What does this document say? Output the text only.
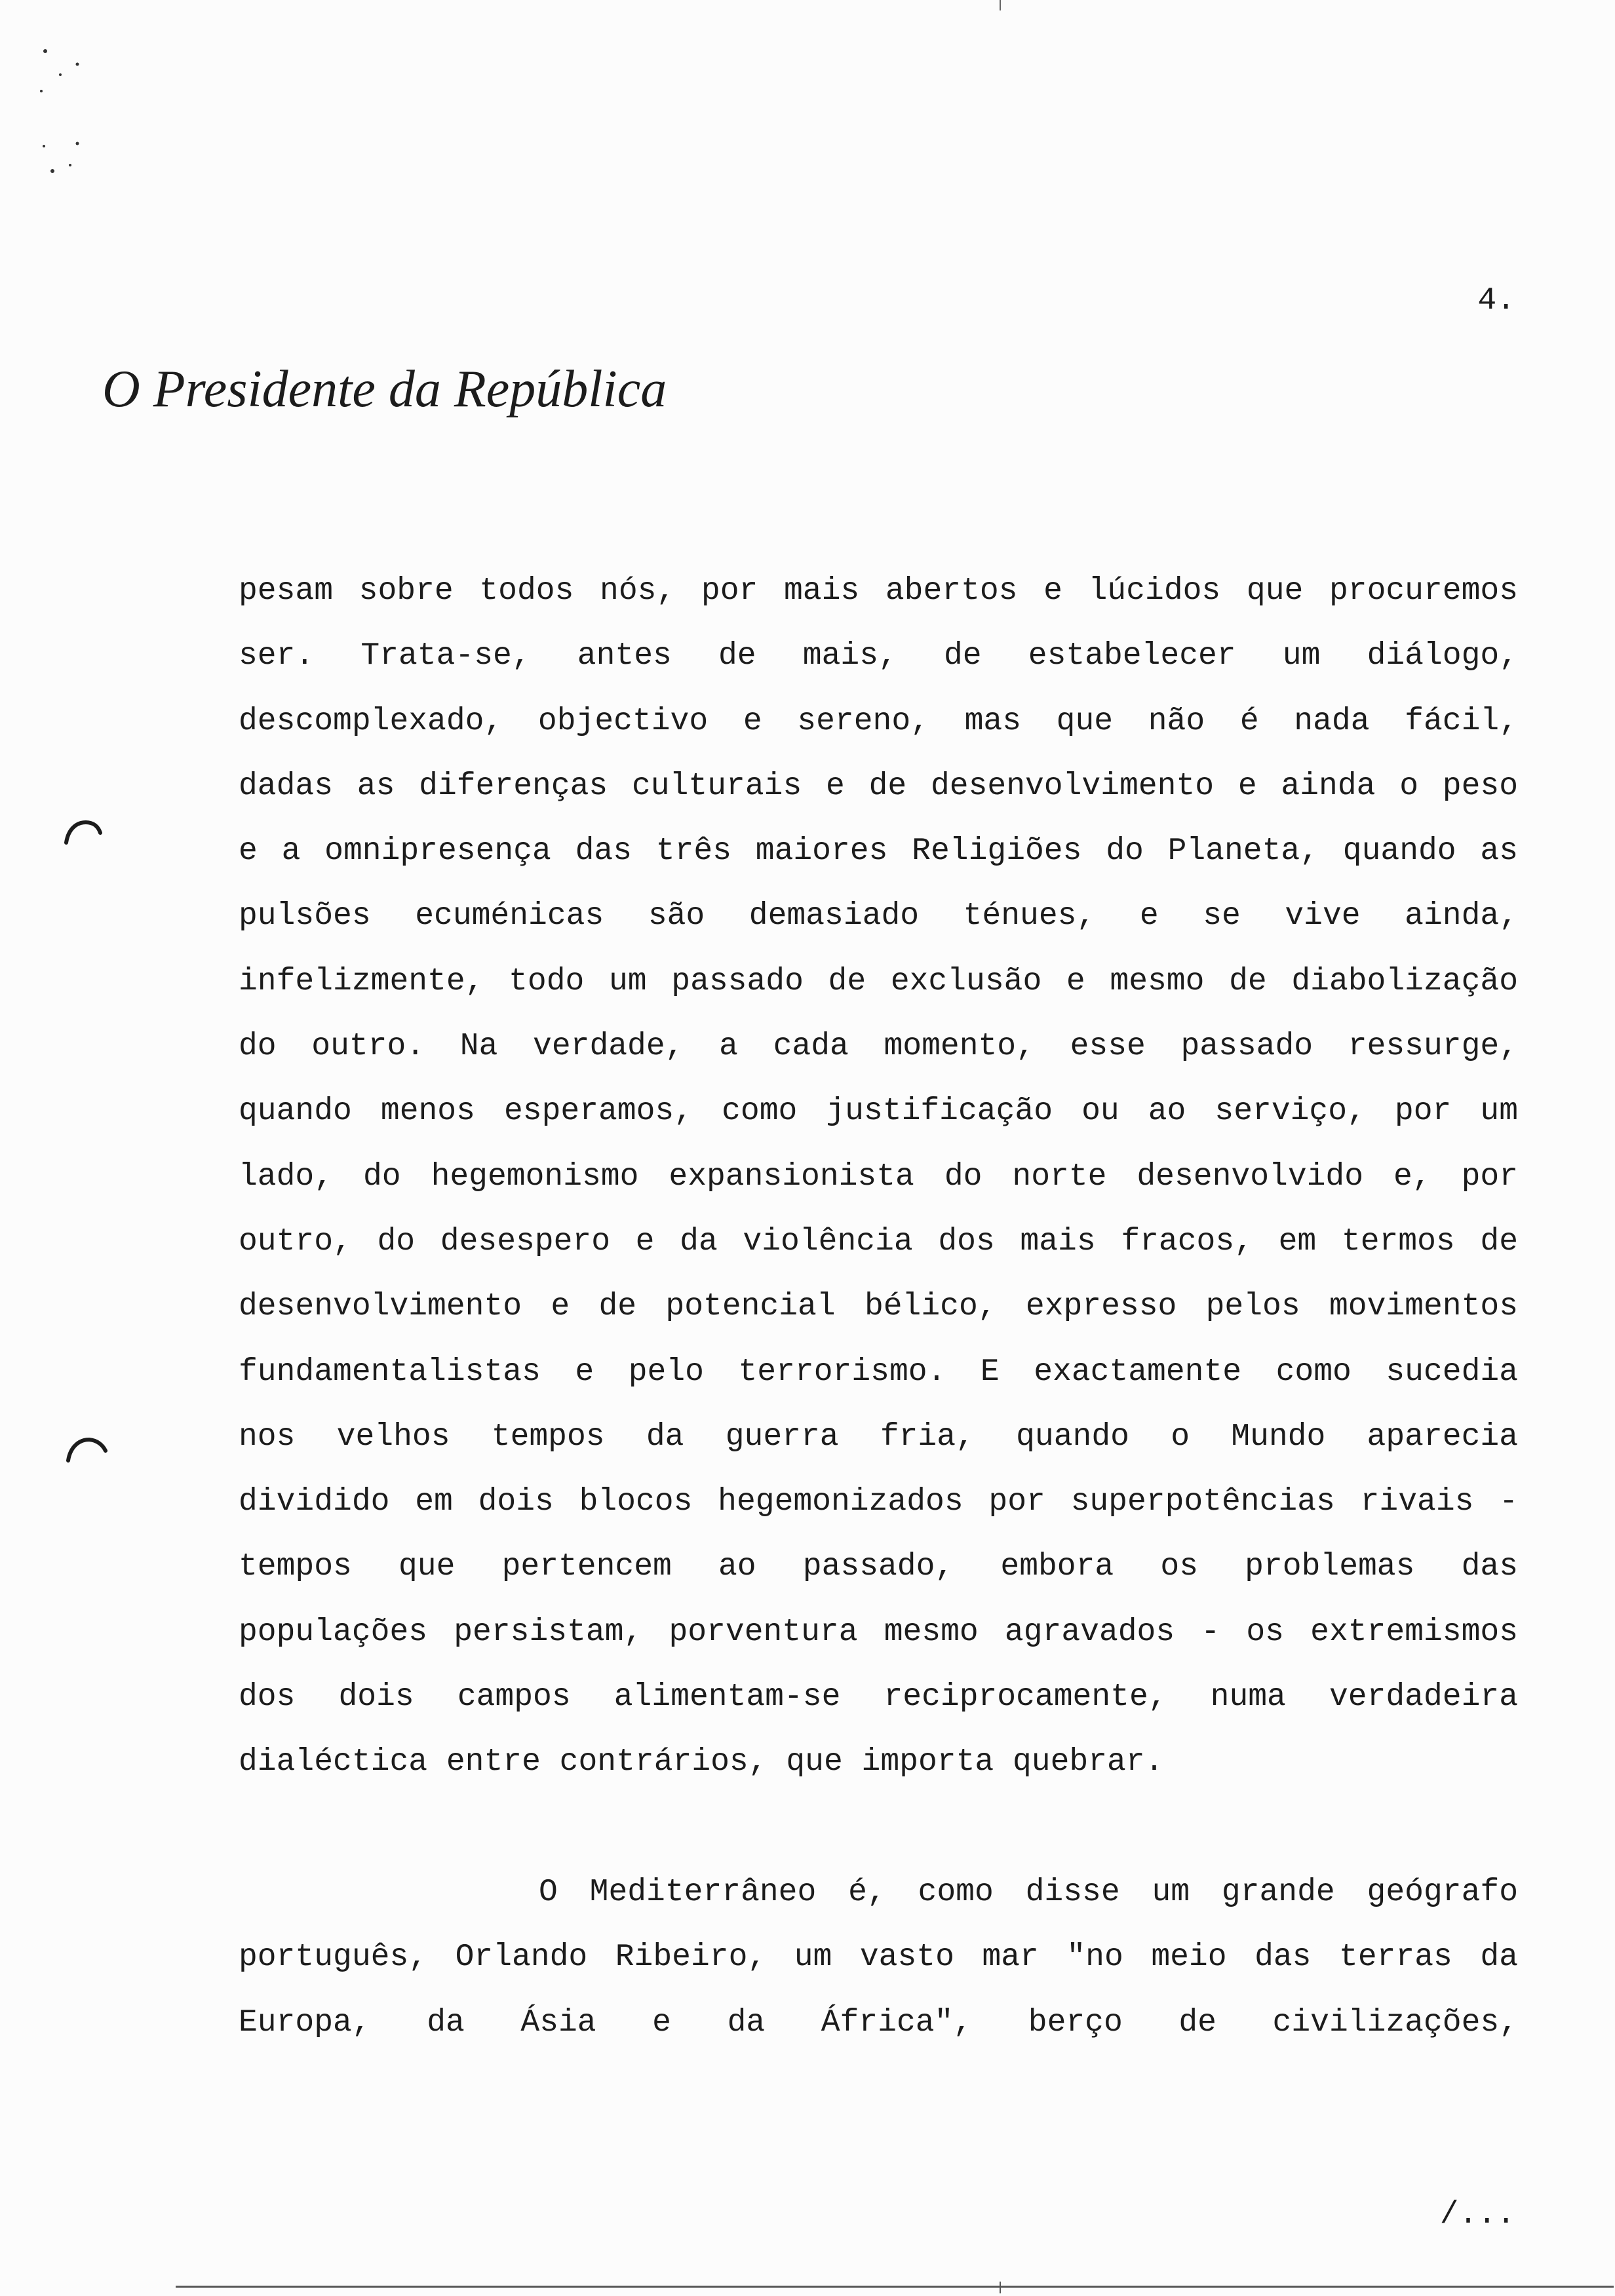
4.
O Presidente da República
pesam sobre todos nós, por mais abertos e lúcidos que procuremos
ser. Trata-se, antes de mais, de estabelecer um diálogo,
descomplexado, objectivo e sereno, mas que não é nada fácil,
dadas as diferenças culturais e de desenvolvimento e ainda o peso
e a omnipresença das três maiores Religiões do Planeta, quando as
pulsões ecuménicas são demasiado ténues, e se vive ainda,
infelizmente, todo um passado de exclusão e mesmo de diabolização
do outro. Na verdade, a cada momento, esse passado ressurge,
quando menos esperamos, como justificação ou ao serviço, por um
lado, do hegemonismo expansionista do norte desenvolvido e, por
outro, do desespero e da violência dos mais fracos, em termos de
desenvolvimento e de potencial bélico, expresso pelos movimentos
fundamentalistas e pelo terrorismo. E exactamente como sucedia
nos velhos tempos da guerra fria, quando o Mundo aparecia
dividido em dois blocos hegemonizados por superpotências rivais -
tempos que pertencem ao passado, embora os problemas das
populações persistam, porventura mesmo agravados - os extremismos
dos dois campos alimentam-se reciprocamente, numa verdadeira
dialéctica entre contrários, que importa quebrar.
O Mediterrâneo é, como disse um grande geógrafo
português, Orlando Ribeiro, um vasto mar "no meio das terras da
Europa, da Ásia e da África", berço de civilizações,
/...
